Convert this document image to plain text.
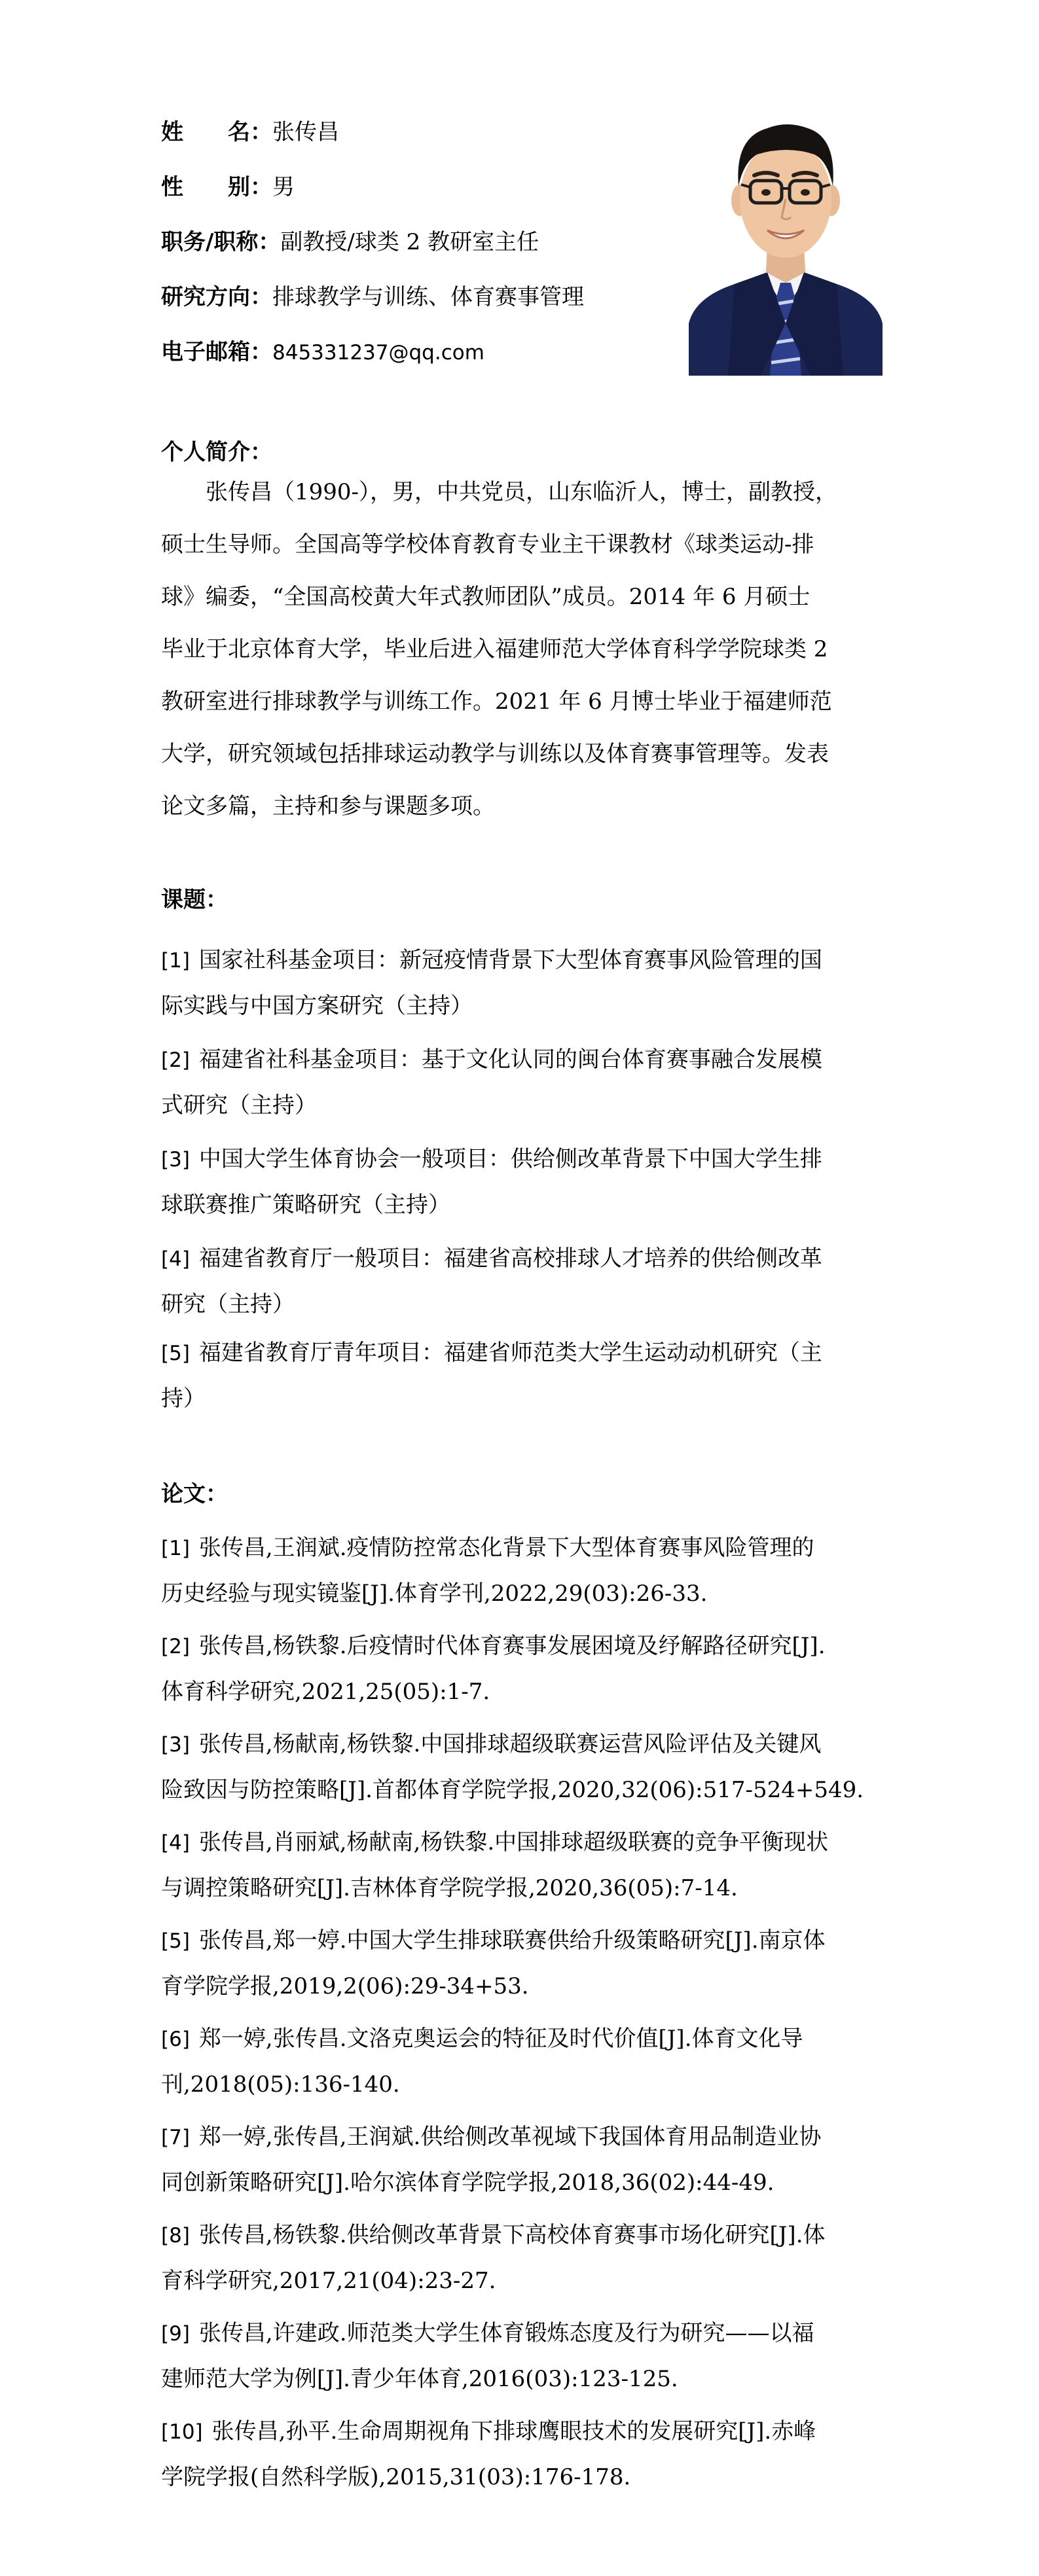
姓　　名：张传昌
性　　别：男
职务/职称：副教授/球类 2 教研室主任
研究方向：排球教学与训练、体育赛事管理
电子邮箱：845331237@qq.com
个人简介：
　　张传昌（1990-），男，中共党员，山东临沂人，博士，副教授，
硕士生导师。全国高等学校体育教育专业主干课教材《球类运动-排
球》编委，“全国高校黄大年式教师团队”成员。2014 年 6 月硕士
毕业于北京体育大学，毕业后进入福建师范大学体育科学学院球类 2
教研室进行排球教学与训练工作。2021 年 6 月博士毕业于福建师范
大学，研究领域包括排球运动教学与训练以及体育赛事管理等。发表
论文多篇，主持和参与课题多项。
课题：
[1] 国家社科基金项目：新冠疫情背景下大型体育赛事风险管理的国
际实践与中国方案研究（主持）
[2] 福建省社科基金项目：基于文化认同的闽台体育赛事融合发展模
式研究（主持）
[3] 中国大学生体育协会一般项目：供给侧改革背景下中国大学生排
球联赛推广策略研究（主持）
[4] 福建省教育厅一般项目：福建省高校排球人才培养的供给侧改革
研究（主持）
[5] 福建省教育厅青年项目：福建省师范类大学生运动动机研究（主
持）
论文：
[1] 张传昌,王润斌.疫情防控常态化背景下大型体育赛事风险管理的
历史经验与现实镜鉴[J].体育学刊,2022,29(03):26-33.
[2] 张传昌,杨铁黎.后疫情时代体育赛事发展困境及纾解路径研究[J].
体育科学研究,2021,25(05):1-7.
[3] 张传昌,杨献南,杨铁黎.中国排球超级联赛运营风险评估及关键风
险致因与防控策略[J].首都体育学院学报,2020,32(06):517-524+549.
[4] 张传昌,肖丽斌,杨献南,杨铁黎.中国排球超级联赛的竞争平衡现状
与调控策略研究[J].吉林体育学院学报,2020,36(05):7-14.
[5] 张传昌,郑一婷.中国大学生排球联赛供给升级策略研究[J].南京体
育学院学报,2019,2(06):29-34+53.
[6] 郑一婷,张传昌.文洛克奥运会的特征及时代价值[J].体育文化导
刊,2018(05):136-140.
[7] 郑一婷,张传昌,王润斌.供给侧改革视域下我国体育用品制造业协
同创新策略研究[J].哈尔滨体育学院学报,2018,36(02):44-49.
[8] 张传昌,杨铁黎.供给侧改革背景下高校体育赛事市场化研究[J].体
育科学研究,2017,21(04):23-27.
[9] 张传昌,许建政.师范类大学生体育锻炼态度及行为研究——以福
建师范大学为例[J].青少年体育,2016(03):123-125.
[10] 张传昌,孙平.生命周期视角下排球鹰眼技术的发展研究[J].赤峰
学院学报(自然科学版),2015,31(03):176-178.
